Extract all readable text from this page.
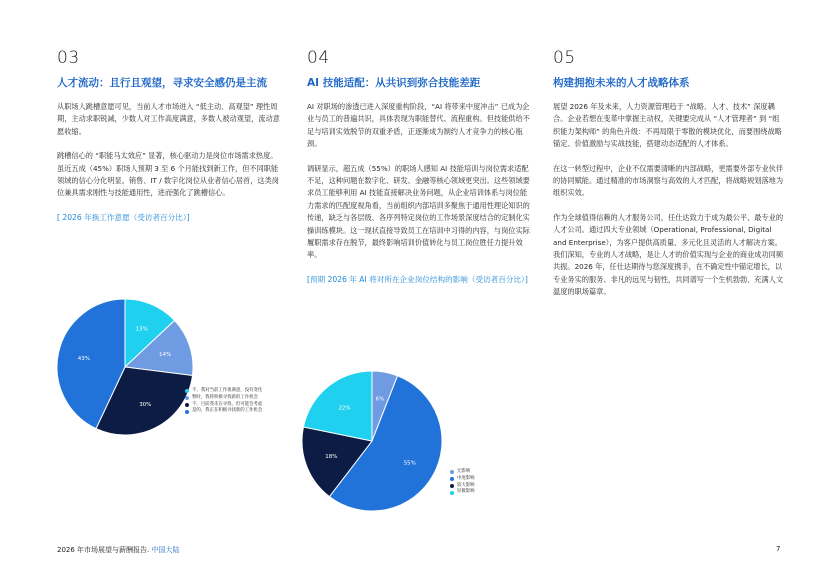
03
人才流动：且行且观望，寻求安全感仍是主流

从职场人跳槽意愿可见，当前人才市场进入 “低主动、高观望” 理性周期，主动求职锐减，少数人对工作高度满意，多数人被动观望，流动意愿收缩。

跳槽信心的 “职能马太效应” 显著，核心驱动力是岗位市场需求热度。虽近五成（45%）职场人预期 3 至 6 个月能找到新工作，但不同职能领域的信心分化明显。销售、IT / 数字化岗位从业者信心居首，这类岗位兼具需求刚性与技能通用性，进而强化了跳槽信心。

[ 2026 年换工作意愿（受访者百分比）]
04
AI 技能适配：从共识到弥合技能差距

AI 对职场的渗透已进入深度重构阶段，“AI 将带来中度冲击” 已成为企业与员工的普遍共识，具体表现为职能替代、流程重构。但技能供给不足与培训实效脱节的双重矛盾，正逐渐成为制约人才竞争力的核心瓶颈。

调研显示，超五成（55%）的职场人感知 AI 技能培训与岗位需求适配不足，这种问题在数字化、研发、金融等核心领域更突出。这些领域要求员工能够利用 AI 技能直接解决业务问题，从企业培训体系与岗位能力需求的匹配度视角看，当前组织内部培训多聚焦于通用性理论知识的传递，缺乏与各层级、各序列特定岗位的工作场景深度结合的定制化实操训练模块。这一现状直接导致员工在培训中习得的内容，与岗位实际履职需求存在脱节，最终影响培训价值转化与员工岗位胜任力提升效率。

[预期 2026 年 AI 将对所在企业岗位结构的影响（受访者百分比）]
05
构建拥抱未来的人才战略体系

展望 2026 年及未来，人力资源管理趋于 “战略、人才、技术” 深度耦合。企业若想在变革中掌握主动权，关键要完成从 “人才管理者” 到 “组织能力架构师” 的角色升级：不再局限于零散的模块优化，而要围绕战略锚定、价值激励与实战技能，搭建动态适配的人才体系。

在这一转型过程中，企业不仅需要清晰的内部战略，更需要外部专业伙伴的协同赋能。通过精准的市场洞察与高效的人才匹配，将战略规划落地为组织实效。

作为全球值得信赖的人才服务公司，任仕达致力于成为最公平、最专业的人才公司。通过四大专业领域（Operational, Professional, Digital and Enterprise），为客户提供高质量、多元化且灵活的人才解决方案。我们深知，专业的人才战略，是让人才的价值实现与企业的商业成功同频共振。2026 年，任仕达期待与您深度携手，在不确定性中锚定增长，以专业务实的服务、非凡的远见与韧性，共同谱写一个生机勃勃、充满人文温度的职场篇章。

13%
14%
30%
43%
不，我对当前工作很满意，没有变化
暂时，我将积极寻找新的工作机会
不，目前我未在寻找，但可能会考虑
是的，我正在积极寻找新的工作机会
6%
55%
18%
22%
无影响
中度影响
较大影响
轻微影响
2026 年市场展望与薪酬报告. 中国大陆	7
